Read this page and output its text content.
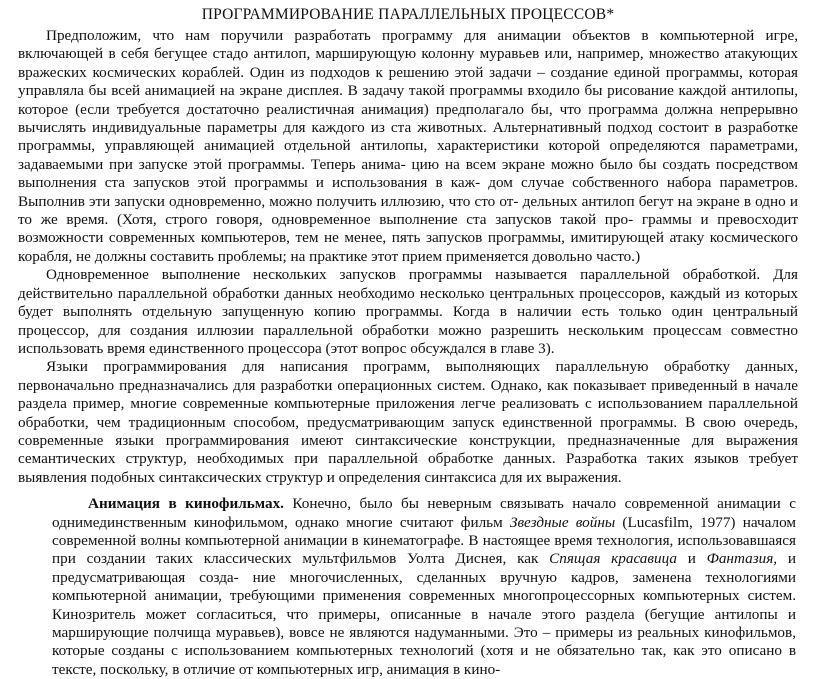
ПРОГРАММИРОВАНИЕ ПАРАЛЛЕЛЬНЫХ ПРОЦЕССОВ*

Предположим, что нам поручили разработать программу для анимации объектов в компьютерной игре, включающей в себя бегущее стадо антилоп, марширующую колонну муравьев или, например, множество атакующих вражеских космических кораблей. Один из подходов к решению этой задачи – создание единой программы, которая управляла бы всей анимацией на экране дисплея. В задачу такой программы входило бы рисование каждой антилопы, которое (если требуется достаточно реалистичная анимация) предполагало бы, что программа должна непрерывно вычислять индивидуальные параметры для каждого из ста животных. Альтернативный подход состоит в разработке программы, управляющей анимацией отдельной антилопы, характеристики которой определяются параметрами, задаваемыми при запуске этой программы. Теперь анима- цию на всем экране можно было бы создать посредством выполнения ста запусков этой программы и использования в каж- дом случае собственного набора параметров. Выполнив эти запуски одновременно, можно получить иллюзию, что сто от- дельных антилоп бегут на экране в одно и то же время. (Хотя, строго говоря, одновременное выполнение ста запусков такой про- граммы и превосходит возможности современных компьютеров, тем не менее, пять запусков программы, имитирующей атаку космического корабля, не должны составить проблемы; на практике этот прием применяется довольно часто.)

Одновременное выполнение нескольких запусков программы называется параллельной обработкой. Для действительно параллельной обработки данных необходимо несколько центральных процессоров, каждый из которых будет выполнять отдельную запущенную копию программы. Когда в наличии есть только один центральный процессор, для создания иллюзии параллельной обработки можно разрешить нескольким процессам совместно использовать время единственного процессора (этот вопрос обсуждался в главе 3).

Языки программирования для написания программ, выполняющих параллельную обработку данных, первоначально предназначались для разработки операционных систем. Однако, как показывает приведенный в начале раздела пример, многие современные компьютерные приложения легче реализовать с использованием параллельной обработки, чем традиционным способом, предусматривающим запуск единственной программы. В свою очередь, современные языки программирования имеют синтаксические конструкции, предназначенные для выражения семантических структур, необходимых при параллельной обработке данных. Разработка таких языков требует выявления подобных синтаксических структур и определения синтаксиса для их выражения.

Анимация в кинофильмах. Конечно, было бы неверным связывать начало современной анимации с однимединственным кинофильмом, однако многие считают фильм Звездные войны (Lucasfilm, 1977) началом современной волны компьютерной анимации в кинематографе. В настоящее время технология, использовавшаяся при создании таких классических мультфильмов Уолта Диснея, как Спящая красавица и Фантазия, и предусматривающая созда- ние многочисленных, сделанных вручную кадров, заменена технологиями компьютерной анимации, требующими применения современных многопроцессорных компьютерных систем. Кинозритель может согласиться, что примеры, описанные в начале этого раздела (бегущие антилопы и марширующие полчища муравьев), вовсе не являются надуманными. Это – примеры из реальных кинофильмов, которые созданы с использованием компьютерных технологий (хотя и не обязательно так, как это описано в тексте, поскольку, в отличие от компьютерных игр, анимация в кино-
